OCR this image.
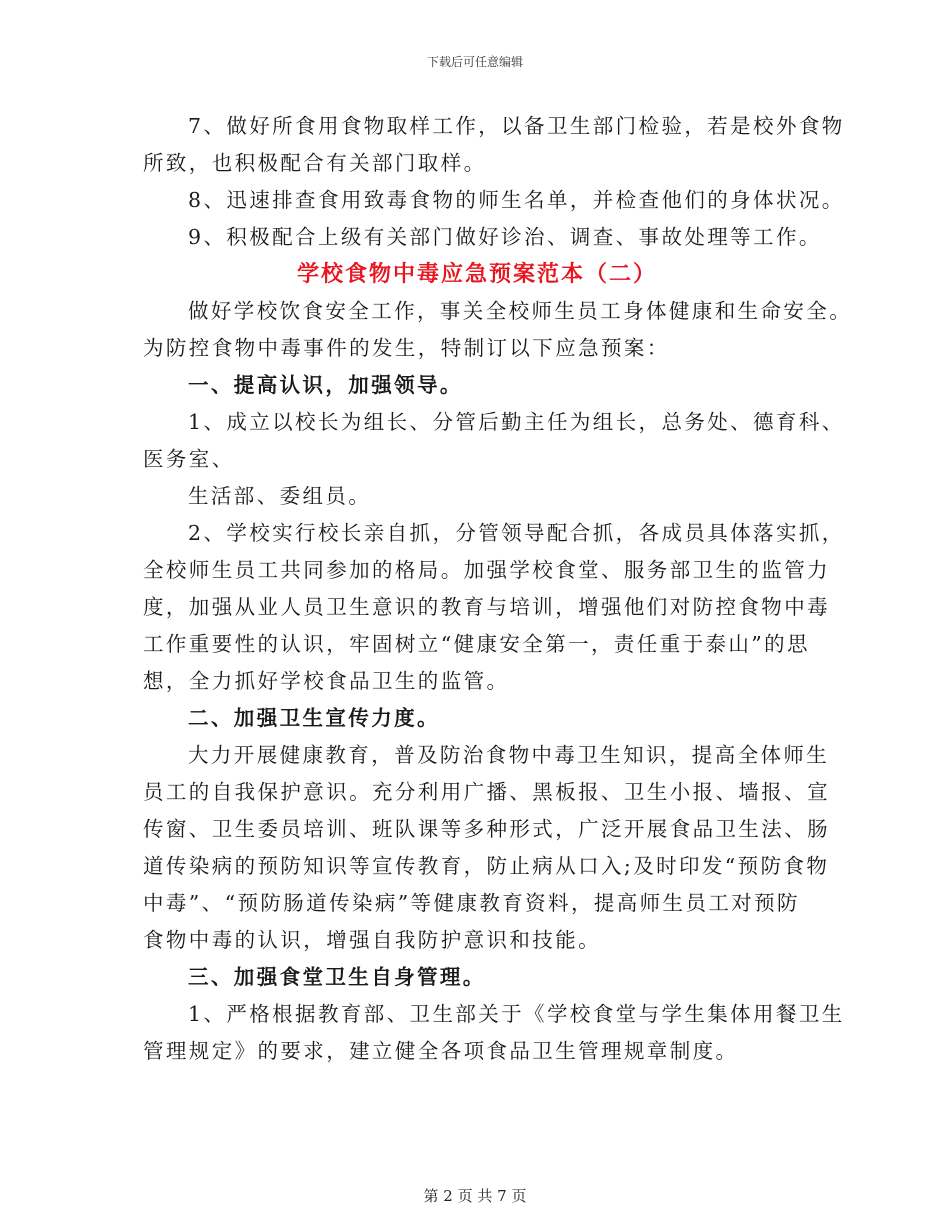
下载后可任意编辑
7、做好所食用食物取样工作，以备卫生部门检验，若是校外食物
所致，也积极配合有关部门取样。
8、迅速排查食用致毒食物的师生名单，并检查他们的身体状况。
9、积极配合上级有关部门做好诊治、调查、事故处理等工作。
学校食物中毒应急预案范本（二）
做好学校饮食安全工作，事关全校师生员工身体健康和生命安全。
为防控食物中毒事件的发生，特制订以下应急预案：
一、提高认识，加强领导。
1、成立以校长为组长、分管后勤主任为组长，总务处、德育科、
医务室、
生活部、委组员。
2、学校实行校长亲自抓，分管领导配合抓，各成员具体落实抓，
全校师生员工共同参加的格局。加强学校食堂、服务部卫生的监管力
度，加强从业人员卫生意识的教育与培训，增强他们对防控食物中毒
工作重要性的认识，牢固树立“健康安全第一，责任重于泰山”的思
想，全力抓好学校食品卫生的监管。
二、加强卫生宣传力度。
大力开展健康教育，普及防治食物中毒卫生知识，提高全体师生
员工的自我保护意识。充分利用广播、黑板报、卫生小报、墙报、宣
传窗、卫生委员培训、班队课等多种形式，广泛开展食品卫生法、肠
道传染病的预防知识等宣传教育，防止病从口入;及时印发“预防食物
中毒”、“预防肠道传染病”等健康教育资料，提高师生员工对预防
食物中毒的认识，增强自我防护意识和技能。
三、加强食堂卫生自身管理。
1、严格根据教育部、卫生部关于《学校食堂与学生集体用餐卫生
管理规定》的要求，建立健全各项食品卫生管理规章制度。
第 2 页 共 7 页
